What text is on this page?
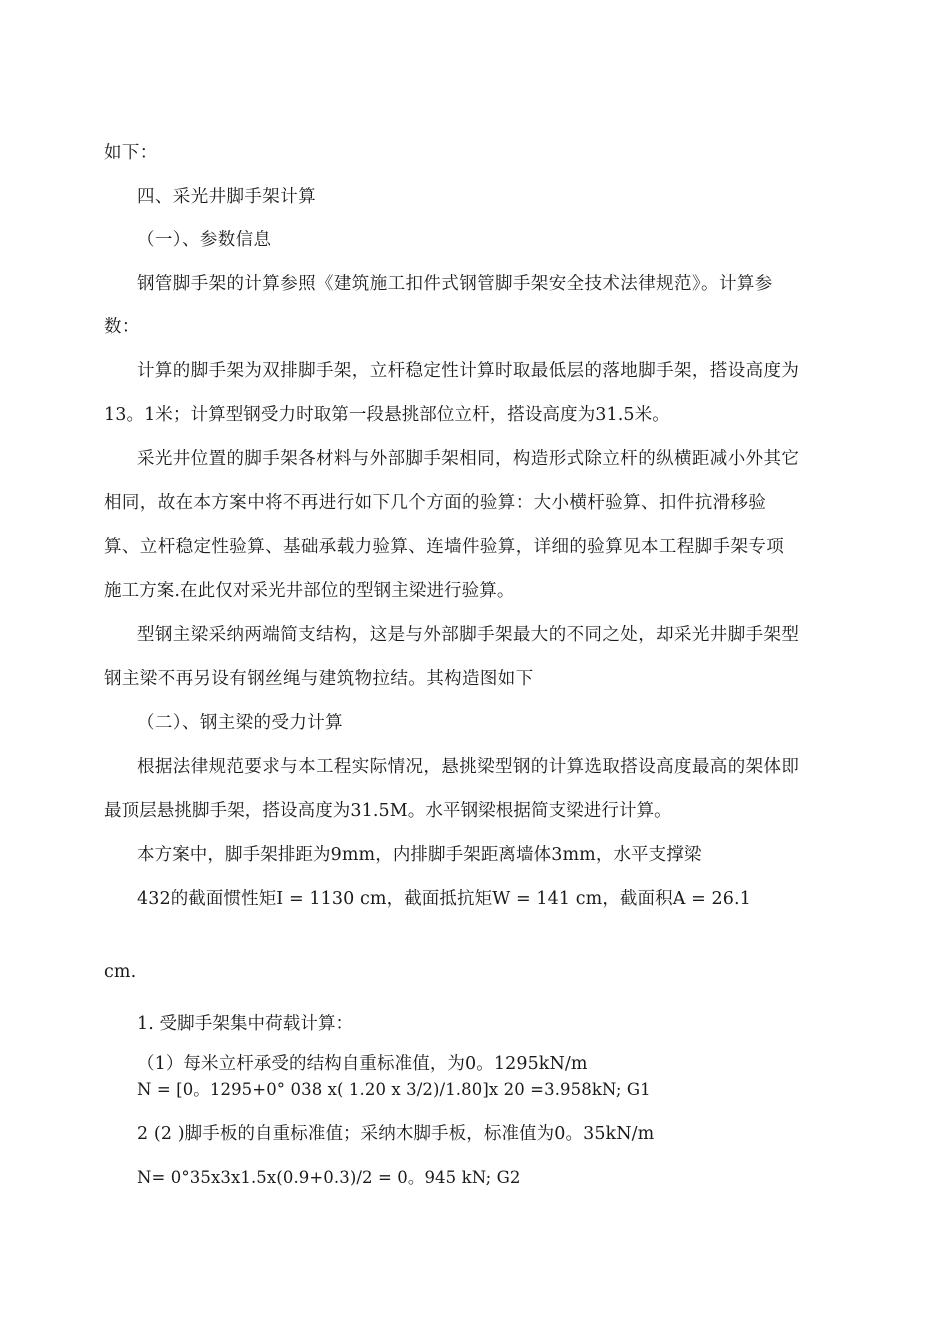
如下：
四、采光井脚手架计算
（一）、参数信息
钢管脚手架的计算参照《建筑施工扣件式钢管脚手架安全技术法律规范》。计算参
数：
计算的脚手架为双排脚手架，立杆稳定性计算时取最低层的落地脚手架，搭设高度为
13。1米；计算型钢受力时取第一段悬挑部位立杆，搭设高度为31.5米。
采光井位置的脚手架各材料与外部脚手架相同，构造形式除立杆的纵横距减小外其它
相同，故在本方案中将不再进行如下几个方面的验算：大小横杆验算、扣件抗滑移验
算、立杆稳定性验算、基础承载力验算、连墙件验算，详细的验算见本工程脚手架专项
施工方案.在此仅对采光井部位的型钢主梁进行验算。
型钢主梁采纳两端简支结构，这是与外部脚手架最大的不同之处，却采光井脚手架型
钢主梁不再另设有钢丝绳与建筑物拉结。其构造图如下
（二）、钢主梁的受力计算
根据法律规范要求与本工程实际情况，悬挑梁型钢的计算选取搭设高度最高的架体即
最顶层悬挑脚手架，搭设高度为31.5M。水平钢梁根据简支梁进行计算。
本方案中，脚手架排距为9mm，内排脚手架距离墙体3mm，水平支撑梁
432的截面惯性矩I = 1130 cm，截面抵抗矩W = 141 cm，截面积A = 26.1
cm.
1. 受脚手架集中荷载计算：
（1）每米立杆承受的结构自重标准值，为0。1295kN/m
N = [0。1295+0° 038 x( 1.20 x 3/2)/1.80]x 20 =3.958kN; G1
2 (2 )脚手板的自重标准值；采纳木脚手板，标准值为0。35kN/m
N= 0°35x3x1.5x(0.9+0.3)/2 = 0。945 kN; G2
